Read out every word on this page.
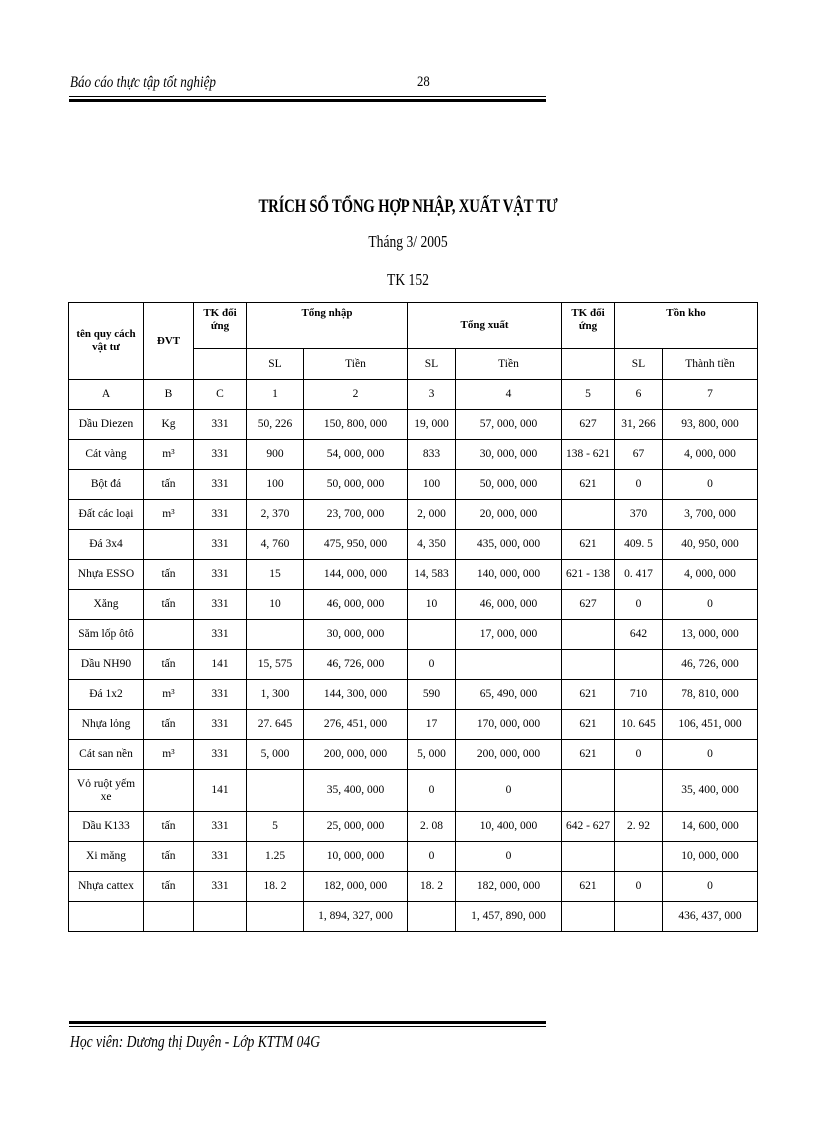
Báo cáo thực tập tốt nghiệp	28
TRÍCH SỔ TỔNG HỢP NHẬP, XUẤT VẬT TƯ
Tháng 3/ 2005
TK 152
tên quy cách vật tư	ĐVT	TK đối ứng	Tổng nhập		Tổng xuất		TK đối ứng	Tồn kho	
			SL	Tiền	SL	Tiền		SL	Thành tiền
A	B	C	1	2	3	4	5	6	7
Dầu Diezen	Kg	331	50, 226	150, 800, 000	19, 000	57, 000, 000	627	31, 266	93, 800, 000
Cát vàng	m³	331	900	54, 000, 000	833	30, 000, 000	138 - 621	67	4, 000, 000
Bột đá	tấn	331	100	50, 000, 000	100	50, 000, 000	621	0	0
Đất các loại	m³	331	2, 370	23, 700, 000	2, 000	20, 000, 000		370	3, 700, 000
Đá 3x4		331	4, 760	475, 950, 000	4, 350	435, 000, 000	621	409. 5	40, 950, 000
Nhựa ESSO	tấn	331	15	144, 000, 000	14, 583	140, 000, 000	621 - 138	0. 417	4, 000, 000
Xăng	tấn	331	10	46, 000, 000	10	46, 000, 000	627	0	0
Săm lốp ôtô		331		30, 000, 000		17, 000, 000		642	13, 000, 000
Dầu NH90	tấn	141	15, 575	46, 726, 000	0				46, 726, 000
Đá 1x2	m³	331	1, 300	144, 300, 000	590	65, 490, 000	621	710	78, 810, 000
Nhựa lỏng	tấn	331	27. 645	276, 451, 000	17	170, 000, 000	621	10. 645	106, 451, 000
Cát san nền	m³	331	5, 000	200, 000, 000	5, 000	200, 000, 000	621	0	0
Vỏ ruột yếm xe		141		35, 400, 000	0	0			35, 400, 000
Dầu K133	tấn	331	5	25, 000, 000	2. 08	10, 400, 000	642 - 627	2. 92	14, 600, 000
Xi măng	tấn	331	1.25	10, 000, 000	0	0			10, 000, 000
Nhựa cattex	tấn	331	18. 2	182, 000, 000	18. 2	182, 000, 000	621	0	0
				1, 894, 327, 000		1, 457, 890, 000			436, 437, 000
Học viên: Dương thị Duyên - Lớp KTTM 04G
